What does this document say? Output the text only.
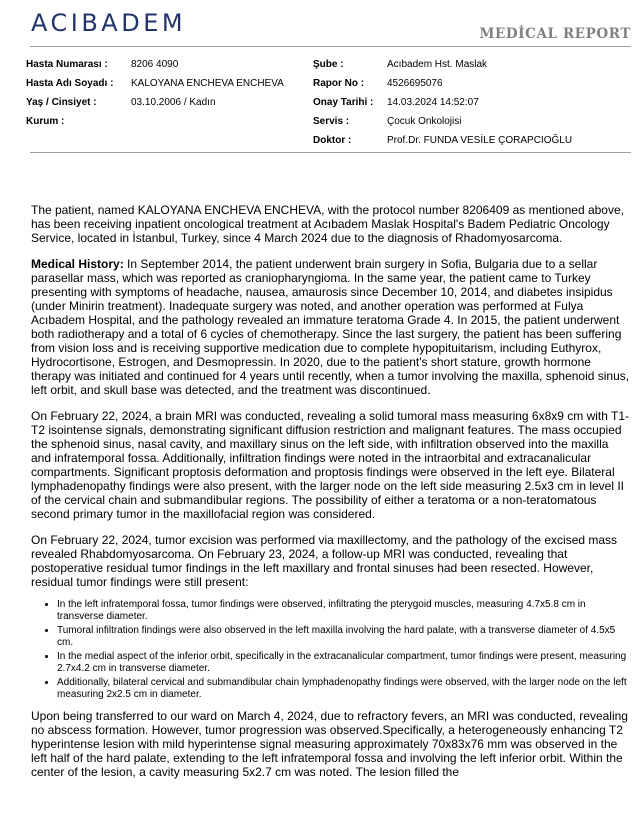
ACIBADEM	MEDİCAL REPORT
Hasta Numarası :	8206 4090
Hasta Adı Soyadı :	KALOYANA ENCHEVA ENCHEVA
Yaş / Cinsiyet :	03.10.2006 / Kadın
Kurum :
Şube :	Acıbadem Hst. Maslak
Rapor No :	4526695076
Onay Tarihi :	14.03.2024 14:52:07
Servis :	Çocuk Onkolojisi
Doktor :	Prof.Dr. FUNDA VESİLE ÇORAPCIOĞLU

The patient, named KALOYANA ENCHEVA ENCHEVA, with the protocol number 8206409 as mentioned above, has been receiving inpatient oncological treatment at Acıbadem Maslak Hospital's Badem Pediatric Oncology Service, located in İstanbul, Turkey, since 4 March 2024 due to the diagnosis of Rhadomyosarcoma.

Medical History: In September 2014, the patient underwent brain surgery in Sofia, Bulgaria due to a sellar parasellar mass, which was reported as craniopharyngioma. In the same year, the patient came to Turkey presenting with symptoms of headache, nausea, amaurosis since December 10, 2014, and diabetes insipidus (under Minirin treatment). Inadequate surgery was noted, and another operation was performed at Fulya Acıbadem Hospital, and the pathology revealed an immature teratoma Grade 4. In 2015, the patient underwent both radiotherapy and a total of 6 cycles of chemotherapy. Since the last surgery, the patient has been suffering from vision loss and is receiving supportive medication due to complete hypopituitarism, including Euthyrox, Hydrocortisone, Estrogen, and Desmopressin. In 2020, due to the patient's short stature, growth hormone therapy was initiated and continued for 4 years until recently, when a tumor involving the maxilla, sphenoid sinus, left orbit, and skull base was detected, and the treatment was discontinued.

On February 22, 2024, a brain MRI was conducted, revealing a solid tumoral mass measuring 6x8x9 cm with T1-T2 isointense signals, demonstrating significant diffusion restriction and malignant features. The mass occupied the sphenoid sinus, nasal cavity, and maxillary sinus on the left side, with infiltration observed into the maxilla and infratemporal fossa. Additionally, infiltration findings were noted in the intraorbital and extracanalicular compartments. Significant proptosis deformation and proptosis findings were observed in the left eye. Bilateral lymphadenopathy findings were also present, with the larger node on the left side measuring 2.5x3 cm in level II of the cervical chain and submandibular regions. The possibility of either a teratoma or a non-teratomatous second primary tumor in the maxillofacial region was considered.

On February 22, 2024, tumor excision was performed via maxillectomy, and the pathology of the excised mass revealed Rhabdomyosarcoma. On February 23, 2024, a follow-up MRI was conducted, revealing that postoperative residual tumor findings in the left maxillary and frontal sinuses had been resected. However, residual tumor findings were still present:

• In the left infratemporal fossa, tumor findings were observed, infiltrating the pterygoid muscles, measuring 4.7x5.8 cm in transverse diameter.
• Tumoral infiltration findings were also observed in the left maxilla involving the hard palate, with a transverse diameter of 4.5x5 cm.
• In the medial aspect of the inferior orbit, specifically in the extracanalicular compartment, tumor findings were present, measuring 2.7x4.2 cm in transverse diameter.
• Additionally, bilateral cervical and submandibular chain lymphadenopathy findings were observed, with the larger node on the left measuring 2x2.5 cm in diameter.

Upon being transferred to our ward on March 4, 2024, due to refractory fevers, an MRI was conducted, revealing no abscess formation. However, tumor progression was observed.Specifically, a heterogeneously enhancing T2 hyperintense lesion with mild hyperintense signal measuring approximately 70x83x76 mm was observed in the left half of the hard palate, extending to the left infratemporal fossa and involving the left inferior orbit. Within the center of the lesion, a cavity measuring 5x2.7 cm was noted. The lesion filled the
